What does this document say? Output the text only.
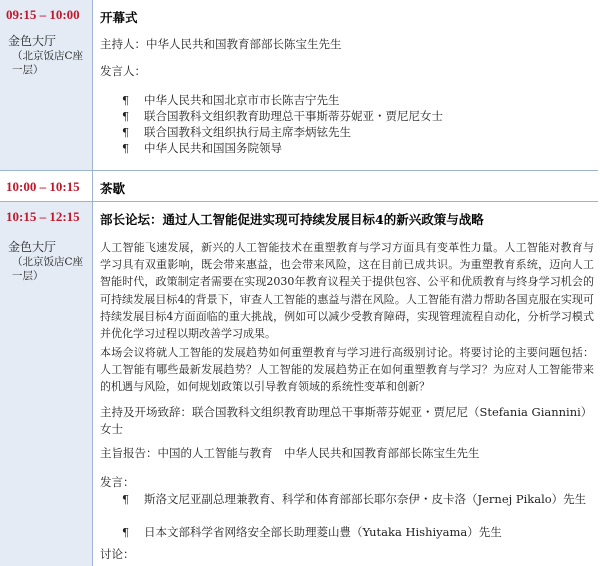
09:15 – 10:00
金色大厅
（北京饭店C座一层）
开幕式
主持人：中华人民共和国教育部部长陈宝生先生
发言人：
¶ 中华人民共和国北京市市长陈吉宁先生
¶ 联合国教科文组织教育助理总干事斯蒂芬妮亚・贾尼尼女士
¶ 联合国教科文组织执行局主席李炳铉先生
¶ 中华人民共和国国务院领导
10:00 – 10:15 茶歇
10:15 – 12:15
金色大厅
（北京饭店C座一层）
部长论坛：通过人工智能促进实现可持续发展目标4的新兴政策与战略
人工智能飞速发展，新兴的人工智能技术在重塑教育与学习方面具有变革性力量。人工智能对教育与学习具有双重影响，既会带来惠益，也会带来风险，这在目前已成共识。为重塑教育系统，迈向人工智能时代，政策制定者需要在实现2030年教育议程关于提供包容、公平和优质教育与终身学习机会的可持续发展目标4的背景下，审查人工智能的惠益与潜在风险。人工智能有潜力帮助各国克服在实现可持续发展目标4方面面临的重大挑战，例如可以减少受教育障碍，实现管理流程自动化，分析学习模式并优化学习过程以期改善学习成果。
本场会议将就人工智能的发展趋势如何重塑教育与学习进行高级别讨论。将要讨论的主要问题包括：人工智能有哪些最新发展趋势？人工智能的发展趋势正在如何重塑教育与学习？为应对人工智能带来的机遇与风险，如何规划政策以引导教育领域的系统性变革和创新？
主持及开场致辞：联合国教科文组织教育助理总干事斯蒂芬妮亚・贾尼尼（Stefania Giannini）女士
主旨报告：中国的人工智能与教育　中华人民共和国教育部部长陈宝生先生
发言：
¶ 斯洛文尼亚副总理兼教育、科学和体育部部长耶尔奈伊・皮卡洛（Jernej Pikalo）先生
¶ 日本文部科学省网络安全部长助理菱山豊（Yutaka Hishiyama）先生
讨论：
